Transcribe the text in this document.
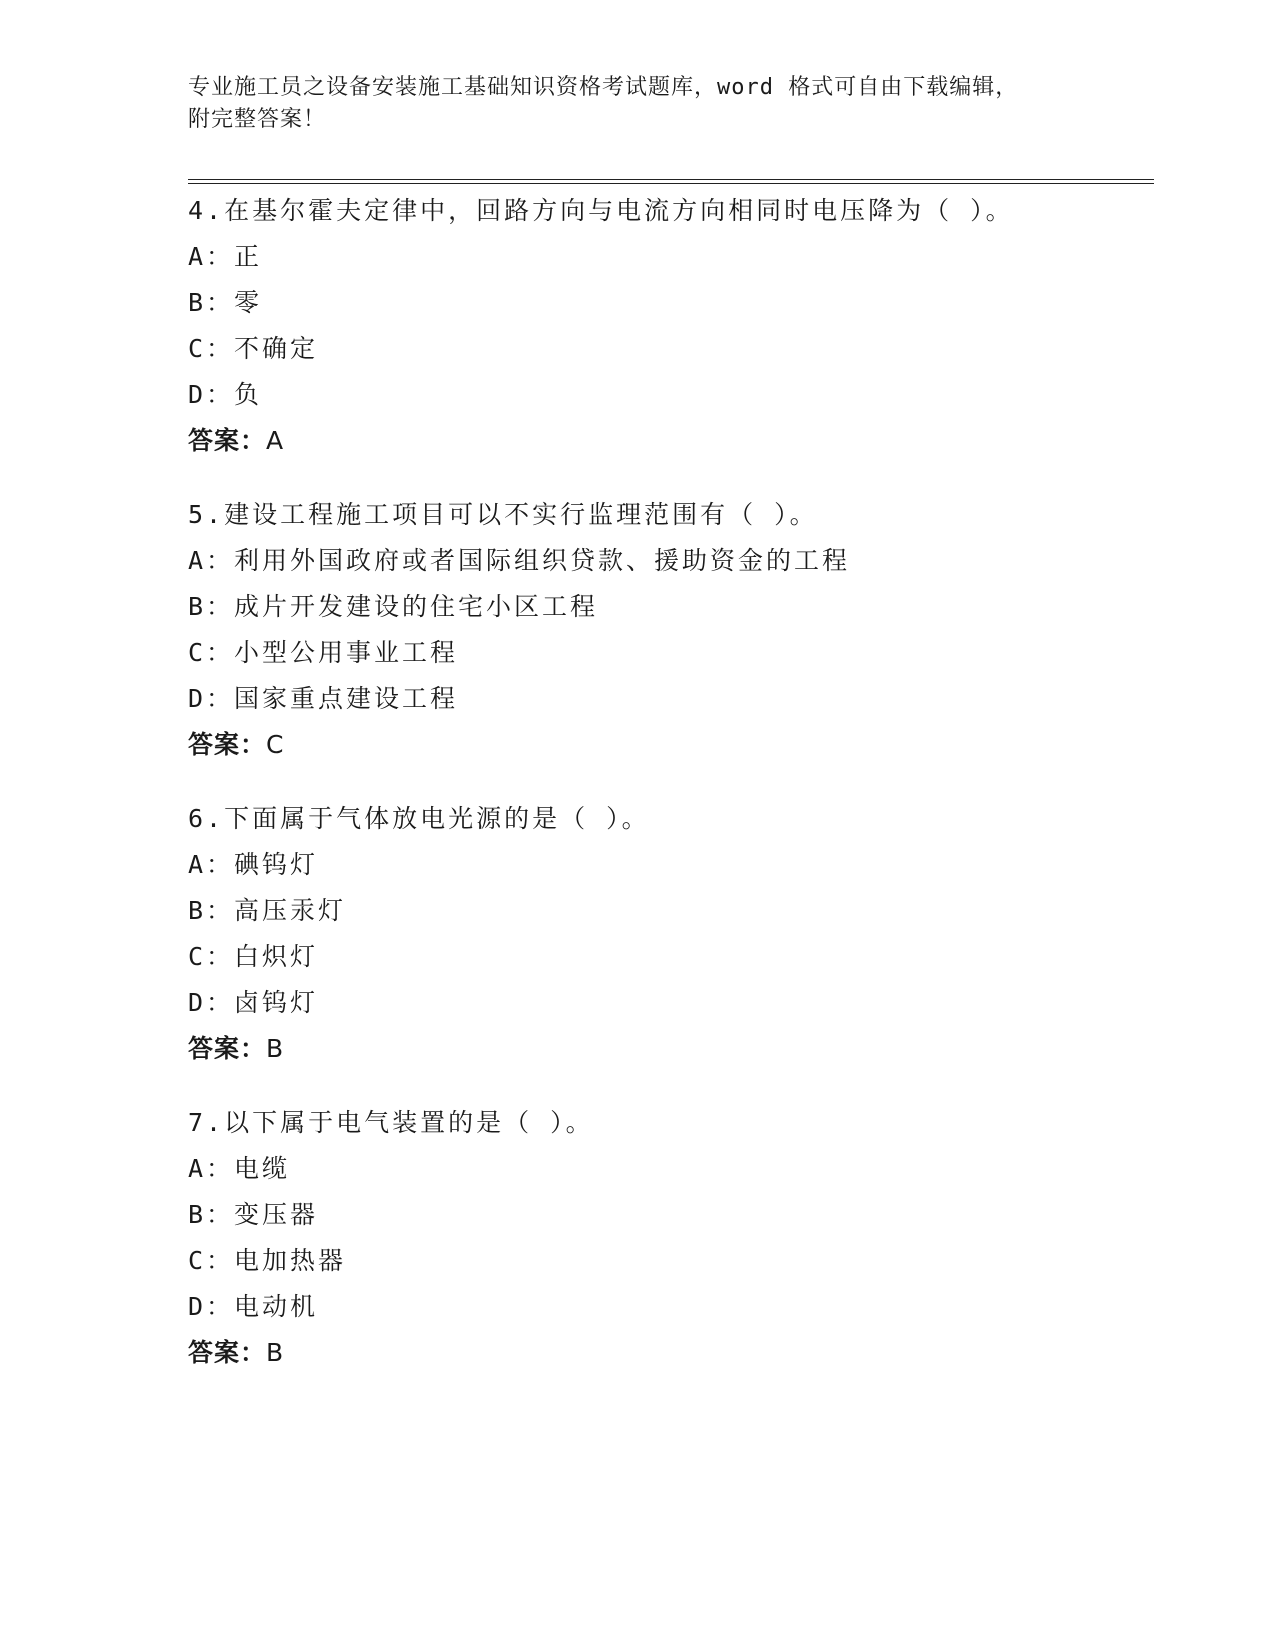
专业施工员之设备安装施工基础知识资格考试题库，word 格式可自由下载编辑，
附完整答案！
4.在基尔霍夫定律中，回路方向与电流方向相同时电压降为（ ）。
A：正
B：零
C：不确定
D：负
答案：A
5.建设工程施工项目可以不实行监理范围有（ ）。
A：利用外国政府或者国际组织贷款、援助资金的工程
B：成片开发建设的住宅小区工程
C：小型公用事业工程
D：国家重点建设工程
答案：C
6.下面属于气体放电光源的是（ ）。
A：碘钨灯
B：高压汞灯
C：白炽灯
D：卤钨灯
答案：B
7.以下属于电气装置的是（ ）。
A：电缆
B：变压器
C：电加热器
D：电动机
答案：B
